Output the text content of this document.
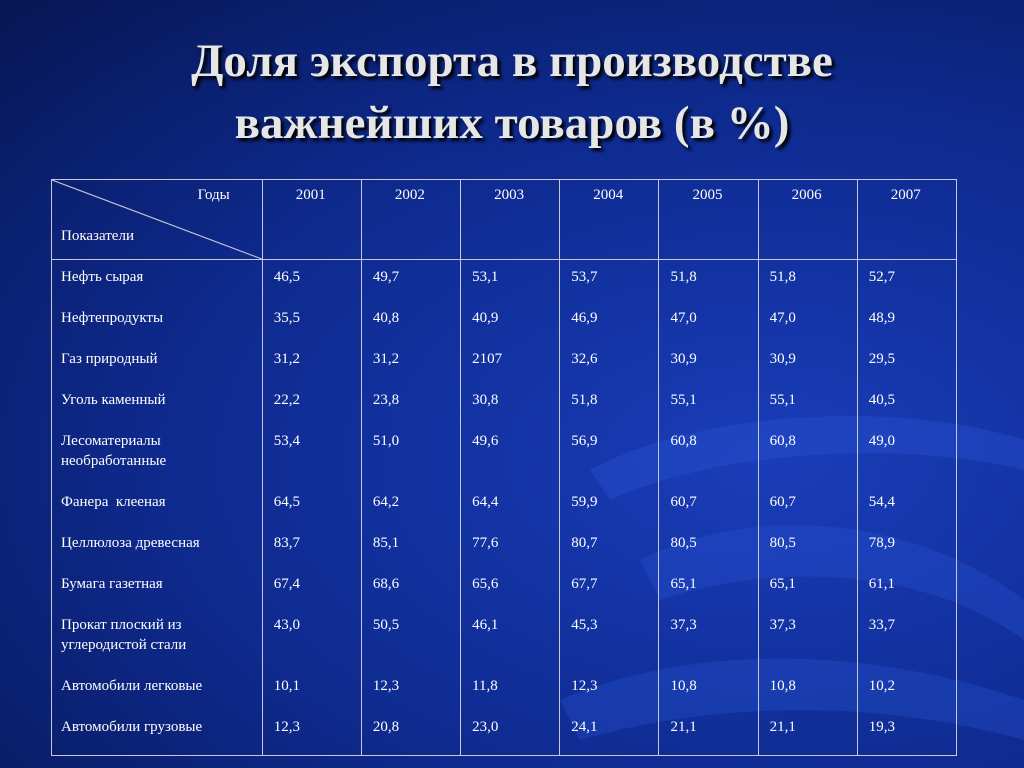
Доля экспорта в производстве
важнейших товаров (в %)
Годы
Показатели	2001	2002	2003	2004	2005	2006	2007
Нефть сырая	46,5	49,7	53,1	53,7	51,8	51,8	52,7
Нефтепродукты	35,5	40,8	40,9	46,9	47,0	47,0	48,9
Газ природный	31,2	31,2	2107	32,6	30,9	30,9	29,5
Уголь каменный	22,2	23,8	30,8	51,8	55,1	55,1	40,5
Лесоматериалы необработанные	53,4	51,0	49,6	56,9	60,8	60,8	49,0
Фанера  клееная	64,5	64,2	64,4	59,9	60,7	60,7	54,4
Целлюлоза древесная	83,7	85,1	77,6	80,7	80,5	80,5	78,9
Бумага газетная	67,4	68,6	65,6	67,7	65,1	65,1	61,1
Прокат плоский из углеродистой стали	43,0	50,5	46,1	45,3	37,3	37,3	33,7
Автомобили легковые	10,1	12,3	11,8	12,3	10,8	10,8	10,2
Автомобили грузовые	12,3	20,8	23,0	24,1	21,1	21,1	19,3
